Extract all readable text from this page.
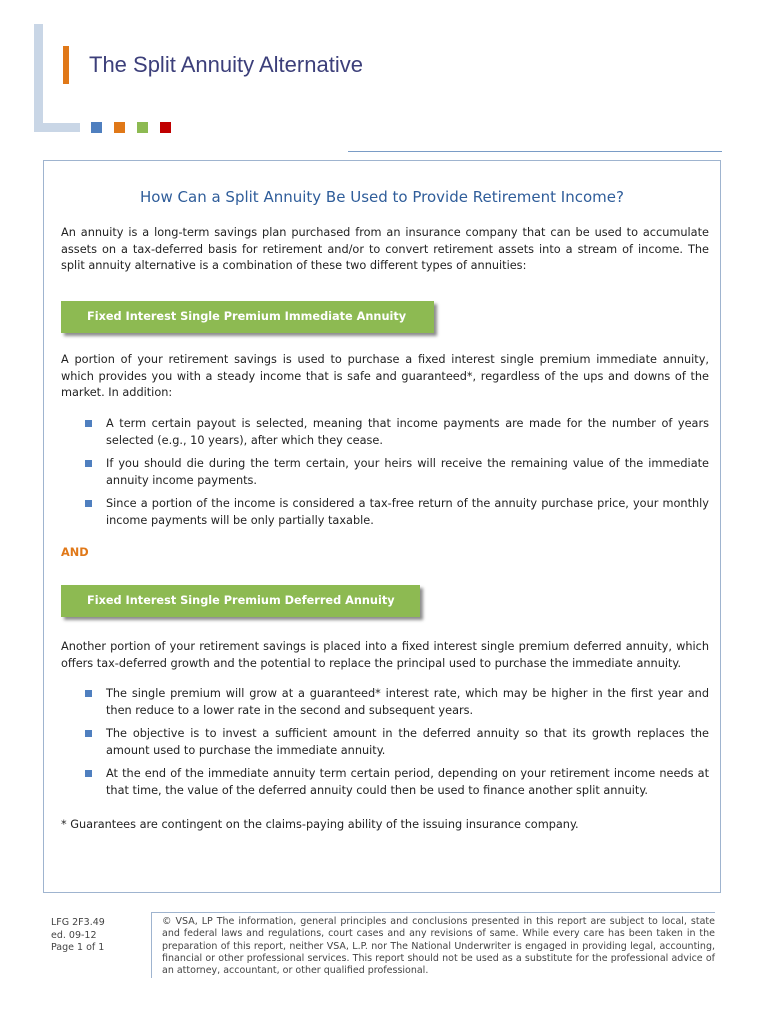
The Split Annuity Alternative
How Can a Split Annuity Be Used to Provide Retirement Income?

An annuity is a long-term savings plan purchased from an insurance company that can be used to accumulate assets on a tax-deferred basis for retirement and/or to convert retirement assets into a stream of income. The split annuity alternative is a combination of these two different types of annuities:

Fixed Interest Single Premium Immediate Annuity

A portion of your retirement savings is used to purchase a fixed interest single premium immediate annuity, which provides you with a steady income that is safe and guaranteed*, regardless of the ups and downs of the market. In addition:

A term certain payout is selected, meaning that income payments are made for the number of years selected (e.g., 10 years), after which they cease.
If you should die during the term certain, your heirs will receive the remaining value of the immediate annuity income payments.
Since a portion of the income is considered a tax-free return of the annuity purchase price, your monthly income payments will be only partially taxable.
AND
Fixed Interest Single Premium Deferred Annuity

Another portion of your retirement savings is placed into a fixed interest single premium deferred annuity, which offers tax-deferred growth and the potential to replace the principal used to purchase the immediate annuity.

The single premium will grow at a guaranteed* interest rate, which may be higher in the first year and then reduce to a lower rate in the second and subsequent years.
The objective is to invest a sufficient amount in the deferred annuity so that its growth replaces the amount used to purchase the immediate annuity.
At the end of the immediate annuity term certain period, depending on your retirement income needs at that time, the value of the deferred annuity could then be used to finance another split annuity.

* Guarantees are contingent on the claims-paying ability of the issuing insurance company.

LFG 2F3.49
ed. 09-12
Page 1 of 1
© VSA, LP The information, general principles and conclusions presented in this report are subject to local, state and federal laws and regulations, court cases and any revisions of same. While every care has been taken in the preparation of this report, neither VSA, L.P. nor The National Underwriter is engaged in providing legal, accounting, financial or other professional services. This report should not be used as a substitute for the professional advice of an attorney, accountant, or other qualified professional.
